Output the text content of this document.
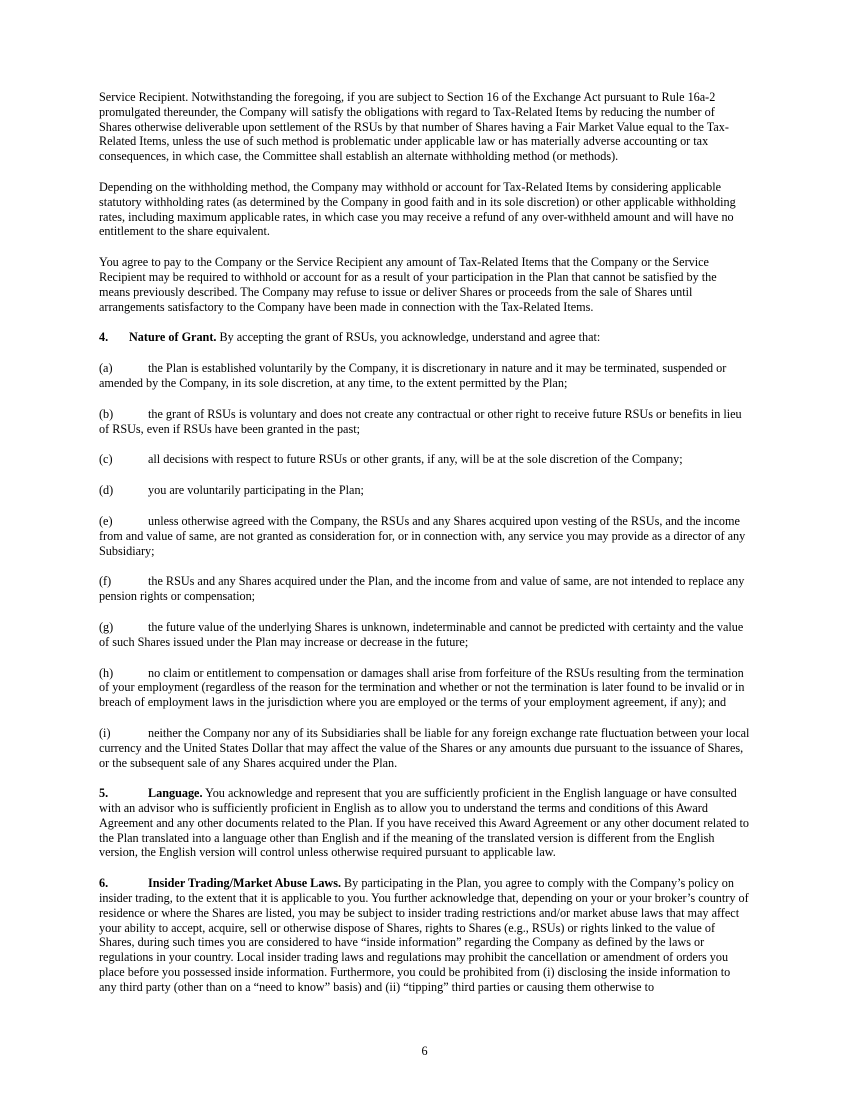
Service Recipient. Notwithstanding the foregoing, if you are subject to Section 16 of the Exchange Act pursuant to Rule 16a-2 promulgated thereunder, the Company will satisfy the obligations with regard to Tax-Related Items by reducing the number of Shares otherwise deliverable upon settlement of the RSUs by that number of Shares having a Fair Market Value equal to the Tax-Related Items, unless the use of such method is problematic under applicable law or has materially adverse accounting or tax consequences, in which case, the Committee shall establish an alternate withholding method (or methods).

Depending on the withholding method, the Company may withhold or account for Tax-Related Items by considering applicable statutory withholding rates (as determined by the Company in good faith and in its sole discretion) or other applicable withholding rates, including maximum applicable rates, in which case you may receive a refund of any over-withheld amount and will have no entitlement to the share equivalent.

You agree to pay to the Company or the Service Recipient any amount of Tax-Related Items that the Company or the Service Recipient may be required to withhold or account for as a result of your participation in the Plan that cannot be satisfied by the means previously described. The Company may refuse to issue or deliver Shares or proceeds from the sale of Shares until arrangements satisfactory to the Company have been made in connection with the Tax-Related Items.

4. Nature of Grant. By accepting the grant of RSUs, you acknowledge, understand and agree that:

(a)	the Plan is established voluntarily by the Company, it is discretionary in nature and it may be terminated, suspended or amended by the Company, in its sole discretion, at any time, to the extent permitted by the Plan;

(b)	the grant of RSUs is voluntary and does not create any contractual or other right to receive future RSUs or benefits in lieu of RSUs, even if RSUs have been granted in the past;

(c)	all decisions with respect to future RSUs or other grants, if any, will be at the sole discretion of the Company;

(d)	you are voluntarily participating in the Plan;

(e)	unless otherwise agreed with the Company, the RSUs and any Shares acquired upon vesting of the RSUs, and the income from and value of same, are not granted as consideration for, or in connection with, any service you may provide as a director of any Subsidiary;

(f)	the RSUs and any Shares acquired under the Plan, and the income from and value of same, are not intended to replace any pension rights or compensation;

(g)	the future value of the underlying Shares is unknown, indeterminable and cannot be predicted with certainty and the value of such Shares issued under the Plan may increase or decrease in the future;

(h)	no claim or entitlement to compensation or damages shall arise from forfeiture of the RSUs resulting from the termination of your employment (regardless of the reason for the termination and whether or not the termination is later found to be invalid or in breach of employment laws in the jurisdiction where you are employed or the terms of your employment agreement, if any); and

(i)	neither the Company nor any of its Subsidiaries shall be liable for any foreign exchange rate fluctuation between your local currency and the United States Dollar that may affect the value of the Shares or any amounts due pursuant to the issuance of Shares, or the subsequent sale of any Shares acquired under the Plan.

5.	Language. You acknowledge and represent that you are sufficiently proficient in the English language or have consulted with an advisor who is sufficiently proficient in English as to allow you to understand the terms and conditions of this Award Agreement and any other documents related to the Plan. If you have received this Award Agreement or any other document related to the Plan translated into a language other than English and if the meaning of the translated version is different from the English version, the English version will control unless otherwise required pursuant to applicable law.

6.	Insider Trading/Market Abuse Laws. By participating in the Plan, you agree to comply with the Company’s policy on insider trading, to the extent that it is applicable to you. You further acknowledge that, depending on your or your broker’s country of residence or where the Shares are listed, you may be subject to insider trading restrictions and/or market abuse laws that may affect your ability to accept, acquire, sell or otherwise dispose of Shares, rights to Shares (e.g., RSUs) or rights linked to the value of Shares, during such times you are considered to have “inside information” regarding the Company as defined by the laws or regulations in your country. Local insider trading laws and regulations may prohibit the cancellation or amendment of orders you place before you possessed inside information. Furthermore, you could be prohibited from (i) disclosing the inside information to any third party (other than on a “need to know” basis) and (ii) “tipping” third parties or causing them otherwise to

6
